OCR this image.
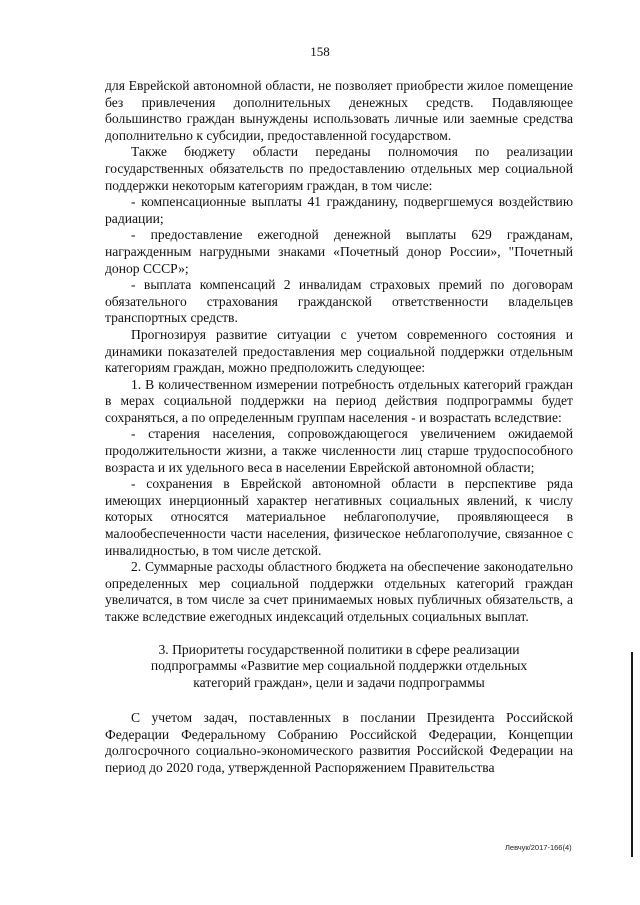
158

для Еврейской автономной области, не позволяет приобрести жилое помещение без привлечения дополнительных денежных средств. Подавляющее большинство граждан вынуждены использовать личные или заемные средства дополнительно к субсидии, предоставленной государством.

Также бюджету области переданы полномочия по реализации государственных обязательств по предоставлению отдельных мер социальной поддержки некоторым категориям граждан, в том числе:

- компенсационные выплаты 41 гражданину, подвергшемуся воздействию радиации;

- предоставление ежегодной денежной выплаты 629 гражданам, награжденным нагрудными знаками «Почетный донор России», "Почетный донор СССР»;

- выплата компенсаций 2 инвалидам страховых премий по договорам обязательного страхования гражданской ответственности владельцев транспортных средств.

Прогнозируя развитие ситуации с учетом современного состояния и динамики показателей предоставления мер социальной поддержки отдельным категориям граждан, можно предположить следующее:

1. В количественном измерении потребность отдельных категорий граждан в мерах социальной поддержки на период действия подпрограммы будет сохраняться, а по определенным группам населения - и возрастать вследствие:

- старения населения, сопровождающегося увеличением ожидаемой продолжительности жизни, а также численности лиц старше трудоспособного возраста и их удельного веса в населении Еврейской автономной области;

- сохранения в Еврейской автономной области в перспективе ряда имеющих инерционный характер негативных социальных явлений, к числу которых относятся материальное неблагополучие, проявляющееся в малообеспеченности части населения, физическое неблагополучие, связанное с инвалидностью, в том числе детской.

2. Суммарные расходы областного бюджета на обеспечение законодательно определенных мер социальной поддержки отдельных категорий граждан увеличатся, в том числе за счет принимаемых новых публичных обязательств, а также вследствие ежегодных индексаций отдельных социальных выплат.

3. Приоритеты государственной политики в сфере реализации
подпрограммы «Развитие мер социальной поддержки отдельных
категорий граждан», цели и задачи подпрограммы

С учетом задач, поставленных в послании Президента Российской Федерации Федеральному Собранию Российской Федерации, Концепции долгосрочного социально-экономического развития Российской Федерации на период до 2020 года, утвержденной Распоряжением Правительства

Левчук/2017-166(4)
